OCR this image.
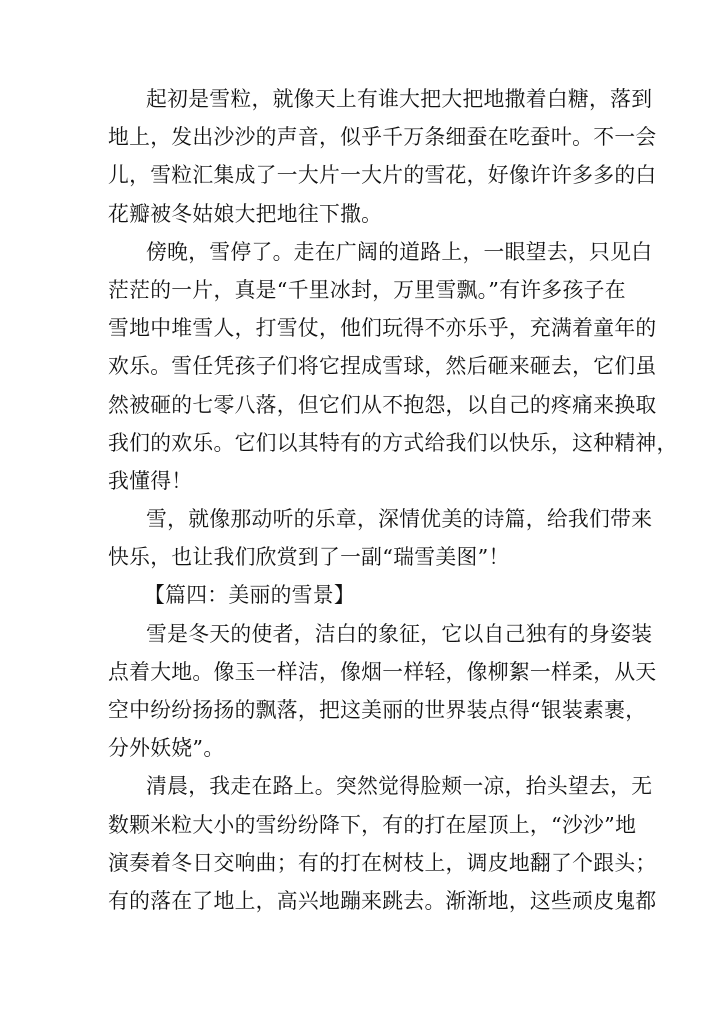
起初是雪粒，就像天上有谁大把大把地撒着白糖，落到
地上，发出沙沙的声音，似乎千万条细蚕在吃蚕叶。不一会
儿，雪粒汇集成了一大片一大片的雪花，好像许许多多的白
花瓣被冬姑娘大把地往下撒。
傍晚，雪停了。走在广阔的道路上，一眼望去，只见白
茫茫的一片，真是“千里冰封，万里雪飘。”有许多孩子在
雪地中堆雪人，打雪仗，他们玩得不亦乐乎，充满着童年的
欢乐。雪任凭孩子们将它捏成雪球，然后砸来砸去，它们虽
然被砸的七零八落，但它们从不抱怨，以自己的疼痛来换取
我们的欢乐。它们以其特有的方式给我们以快乐，这种精神，
我懂得！
雪，就像那动听的乐章，深情优美的诗篇，给我们带来
快乐，也让我们欣赏到了一副“瑞雪美图”！
【篇四：美丽的雪景】
雪是冬天的使者，洁白的象征，它以自己独有的身姿装
点着大地。像玉一样洁，像烟一样轻，像柳絮一样柔，从天
空中纷纷扬扬的飘落，把这美丽的世界装点得“银装素裹，
分外妖娆”。
清晨，我走在路上。突然觉得脸颊一凉，抬头望去，无
数颗米粒大小的雪纷纷降下，有的打在屋顶上，“沙沙”地
演奏着冬日交响曲；有的打在树枝上，调皮地翻了个跟头；
有的落在了地上，高兴地蹦来跳去。渐渐地，这些顽皮鬼都
